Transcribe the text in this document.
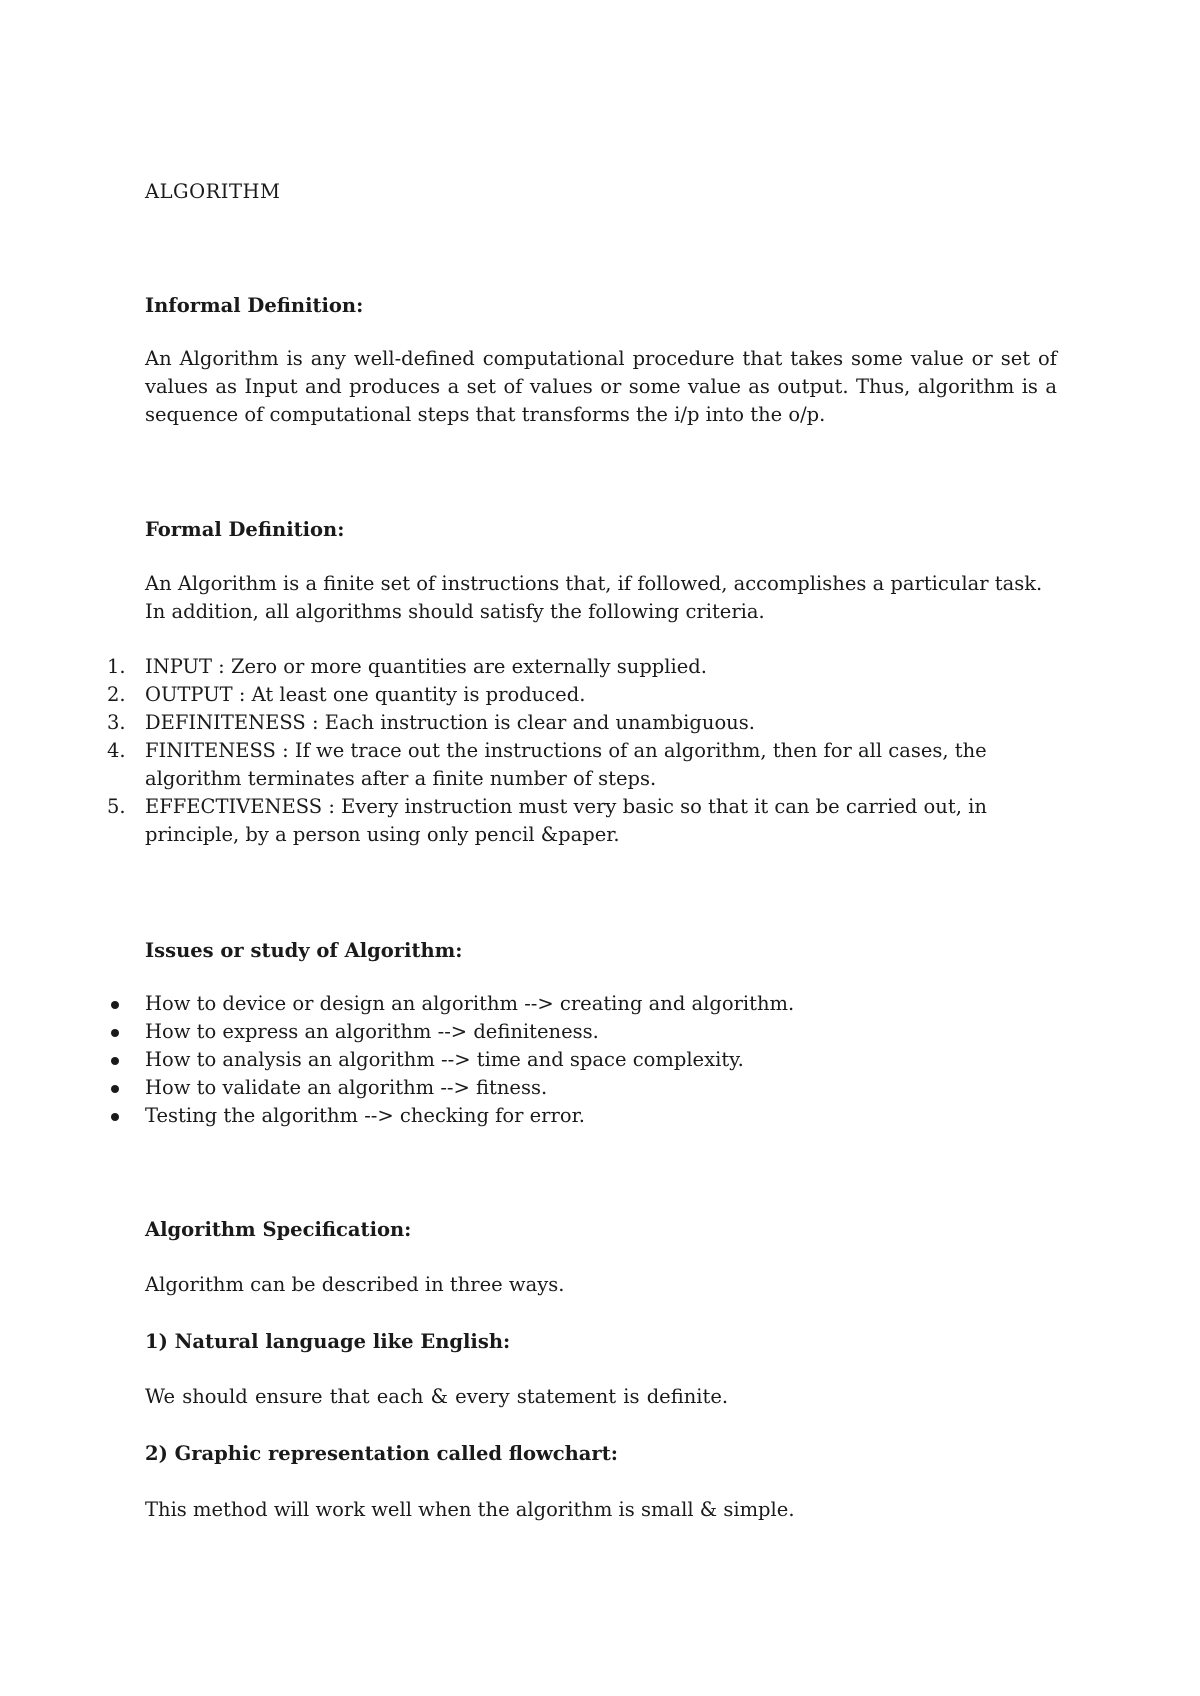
ALGORITHM

Informal Definition:

An Algorithm is any well-defined computational procedure that takes some value or set of values as Input and produces a set of values or some value as output. Thus, algorithm is a sequence of computational steps that transforms the i/p into the o/p.

Formal Definition:

An Algorithm is a finite set of instructions that, if followed, accomplishes a particular task. In addition, all algorithms should satisfy the following criteria.

1. INPUT : Zero or more quantities are externally supplied.
2. OUTPUT : At least one quantity is produced.
3. DEFINITENESS : Each instruction is clear and unambiguous.
4. FINITENESS : If we trace out the instructions of an algorithm, then for all cases, the algorithm terminates after a finite number of steps.
5. EFFECTIVENESS : Every instruction must very basic so that it can be carried out, in principle, by a person using only pencil &paper.

Issues or study of Algorithm:

How to device or design an algorithm --> creating and algorithm.
How to express an algorithm --> definiteness.
How to analysis an algorithm --> time and space complexity.
How to validate an algorithm --> fitness.
Testing the algorithm --> checking for error.

Algorithm Specification:

Algorithm can be described in three ways.

1) Natural language like English:

We should ensure that each & every statement is definite.

2) Graphic representation called flowchart:

This method will work well when the algorithm is small & simple.
